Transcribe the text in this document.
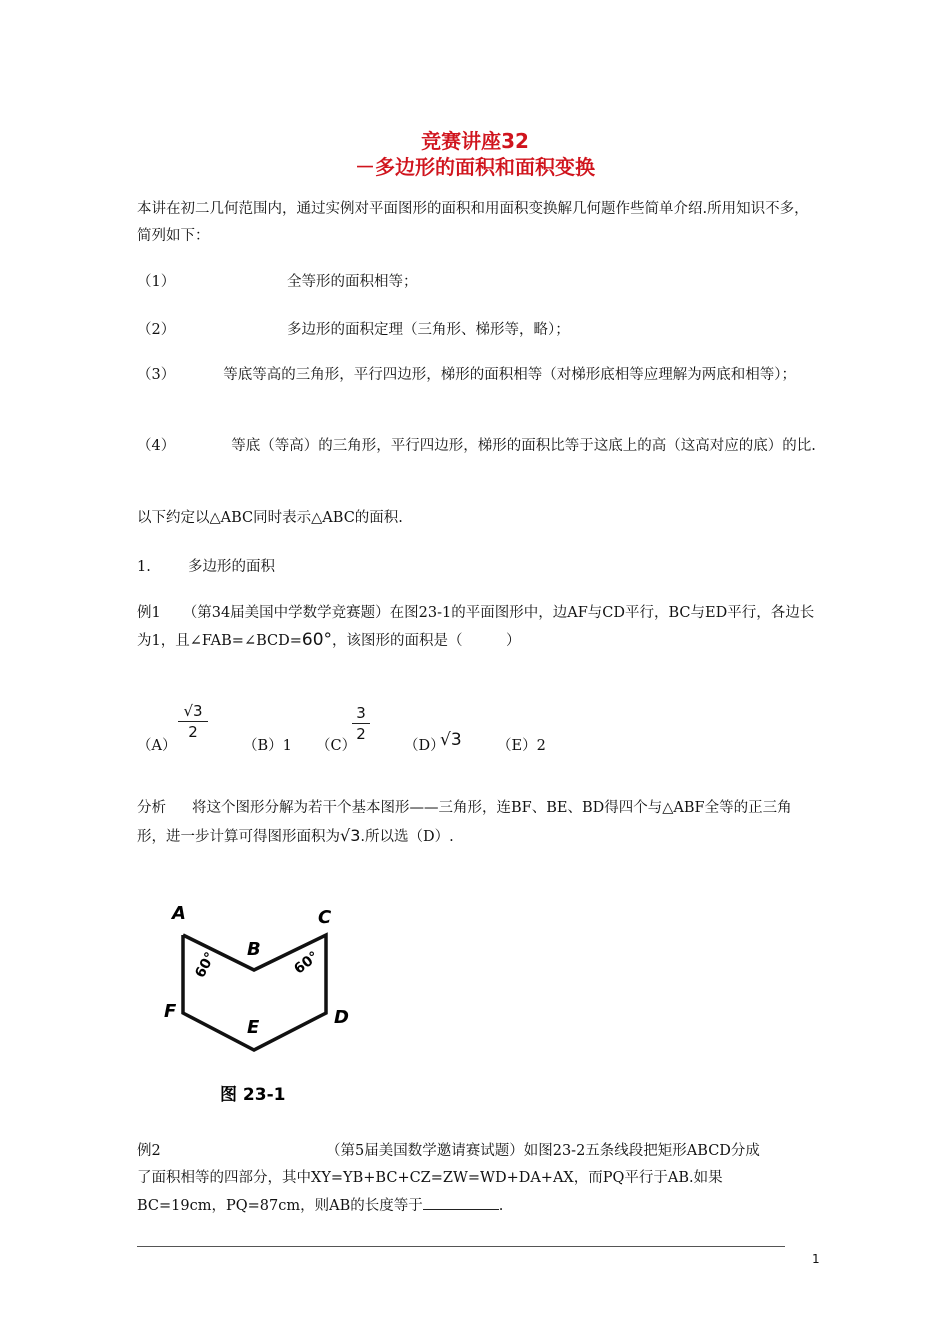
竞赛讲座32
－多边形的面积和面积变换
本讲在初二几何范围内，通过实例对平面图形的面积和用面积变换解几何题作些简单介绍.所用知识不多，简列如下：
（1）	全等形的面积相等；
（2）	多边形的面积定理（三角形、梯形等，略）；
（3）	等底等高的三角形，平行四边形，梯形的面积相等（对梯形底相等应理解为两底和相等）；
（4）	等底（等高）的三角形，平行四边形，梯形的面积比等于这底上的高（这高对应的底）的比.
以下约定以△ABC同时表示△ABC的面积.
1.	多边形的面积
例1 （第34届美国中学数学竞赛题）在图23-1的平面图形中，边AF与CD平行，BC与ED平行，各边长为1，且∠FAB=∠BCD=60°，该图形的面积是（　　　）
（A）
√3
2
（B）1 （C）
3
2
（D）
√3 （E）2
分析 将这个图形分解为若干个基本图形——三角形，连BF、BE、BD得四个与△ABF全等的正三角形，进一步计算可得图形面积为√3.所以选（D）.
A
B
C
D
E
F
60°	60°
图 23-1
例2	（第5届美国数学邀请赛试题）如图23-2五条线段把矩形ABCD分成
了面积相等的四部分，其中XY=YB+BC+CZ=ZW=WD+DA+AX，而PQ平行于AB.如果
BC=19cm，PQ=87cm，则AB的长度等于	.
1
